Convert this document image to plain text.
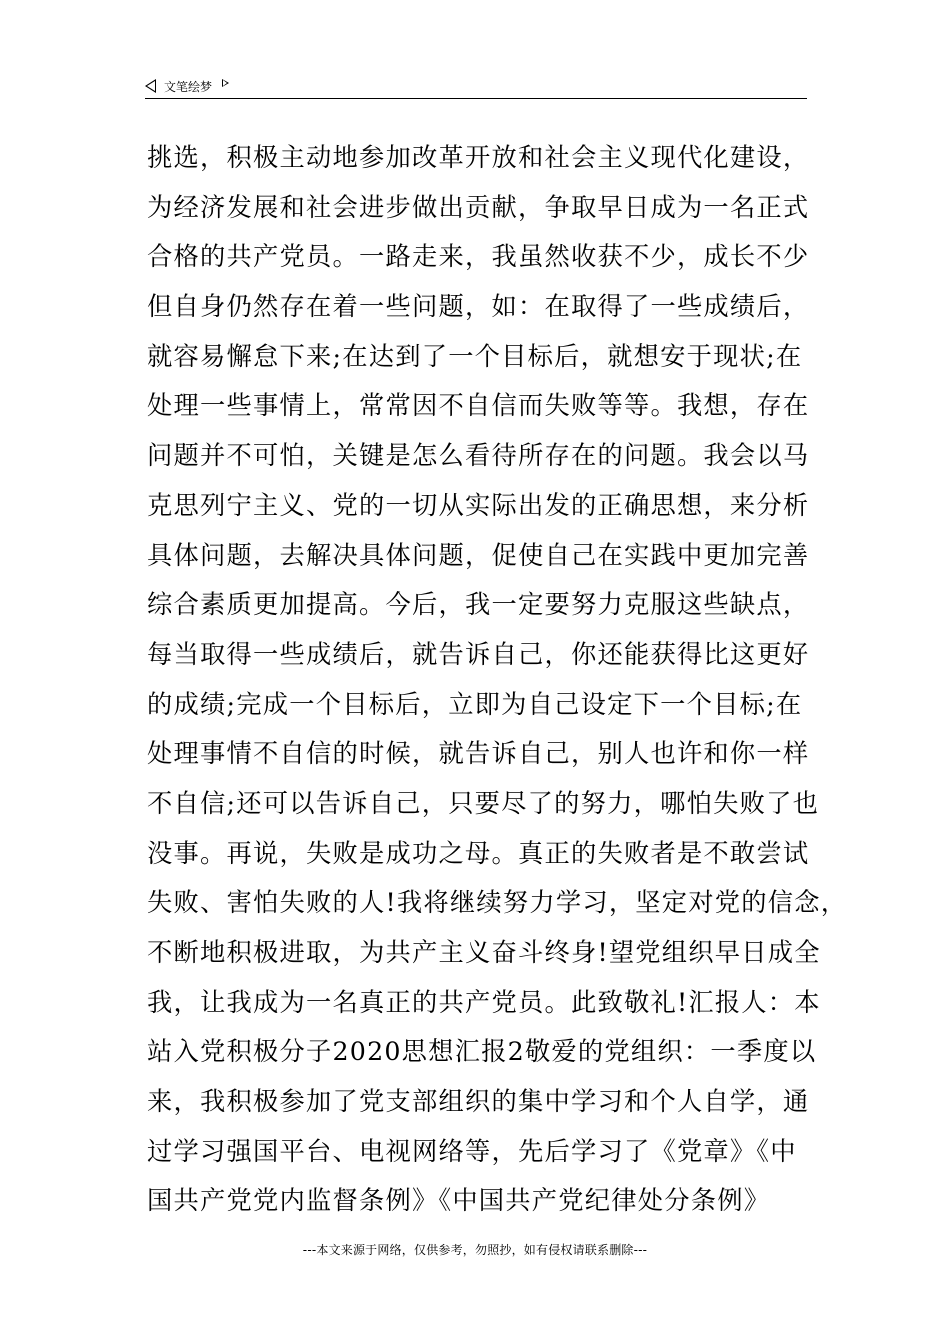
文笔绘梦
挑选，积极主动地参加改革开放和社会主义现代化建设，
为经济发展和社会进步做出贡献，争取早日成为一名正式
合格的共产党员。一路走来，我虽然收获不少，成长不少
但自身仍然存在着一些问题，如：在取得了一些成绩后，
就容易懈怠下来;在达到了一个目标后，就想安于现状;在
处理一些事情上，常常因不自信而失败等等。我想，存在
问题并不可怕，关键是怎么看待所存在的问题。我会以马
克思列宁主义、党的一切从实际出发的正确思想，来分析
具体问题，去解决具体问题，促使自己在实践中更加完善
综合素质更加提高。今后，我一定要努力克服这些缺点，
每当取得一些成绩后，就告诉自己，你还能获得比这更好
的成绩;完成一个目标后，立即为自己设定下一个目标;在
处理事情不自信的时候，就告诉自己，别人也许和你一样
不自信;还可以告诉自己，只要尽了的努力，哪怕失败了也
没事。再说，失败是成功之母。真正的失败者是不敢尝试
失败、害怕失败的人!我将继续努力学习，坚定对党的信念，
不断地积极进取，为共产主义奋斗终身!望党组织早日成全
我，让我成为一名真正的共产党员。此致敬礼!汇报人：本
站入党积极分子2020思想汇报2敬爱的党组织：一季度以
来，我积极参加了党支部组织的集中学习和个人自学，通
过学习强国平台、电视网络等，先后学习了《党章》《中
国共产党党内监督条例》《中国共产党纪律处分条例》
---本文来源于网络，仅供参考，勿照抄，如有侵权请联系删除---
